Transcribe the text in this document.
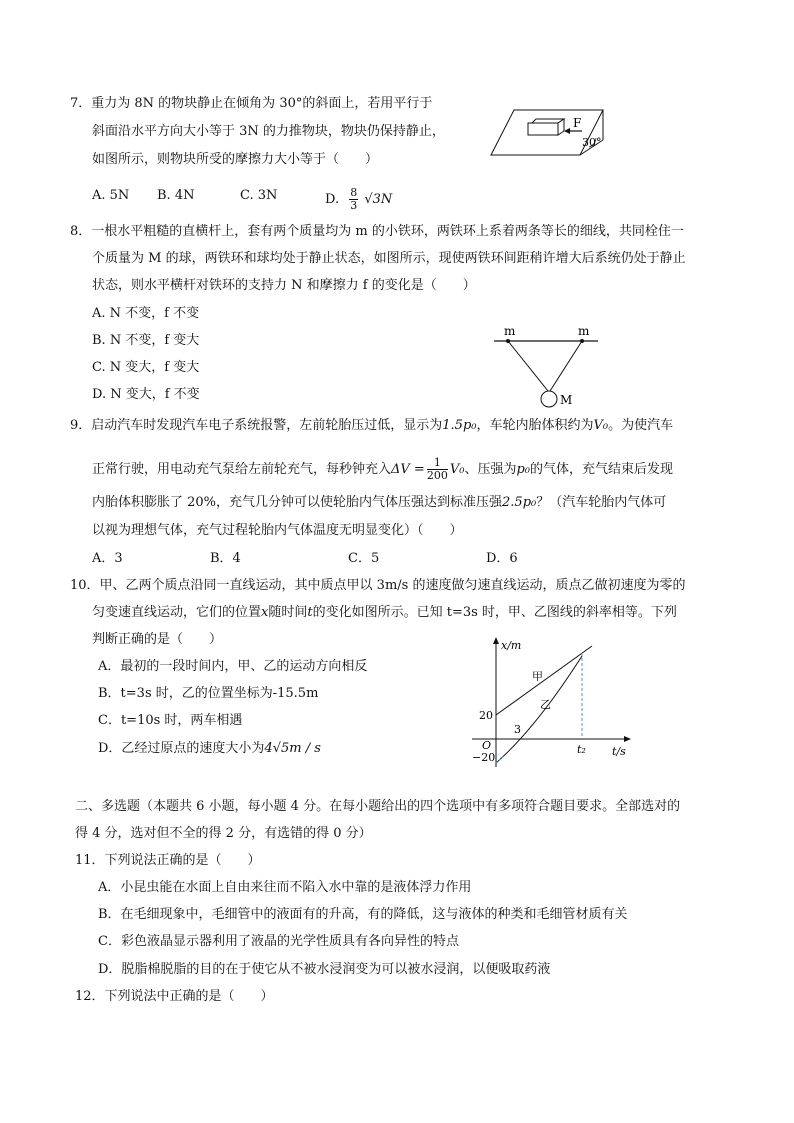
7．重力为 8N 的物块静止在倾角为 30°的斜面上，若用平行于
斜面沿水平方向大小等于 3N 的力推物块，物块仍保持静止，
如图所示，则物块所受的摩擦力大小等于（　　）
A. 5N B. 4N	C. 3N	D. $\frac{8}{3} √3N$
F
30°
8．一根水平粗糙的直横杆上，套有两个质量均为 m 的小铁环，两铁环上系着两条等长的细线，共同栓住一
个质量为 M 的球，两铁环和球均处于静止状态，如图所示，现使两铁环间距稍许增大后系统仍处于静止
状态，则水平横杆对铁环的支持力 N 和摩擦力 f 的变化是（　　）
A. N 不变，f 不变
B. N 不变，f 变大
C. N 变大，f 变大
D. N 变大，f 不变
m	m
M
9．启动汽车时发现汽车电子系统报警，左前轮胎压过低，显示为1.5p₀，车轮内胎体积约为V₀。为使汽车
正常行驶，用电动充气泵给左前轮充气，每秒钟充入$\Delta V = \frac{1}{200} V_0$、压强为p₀的气体，充气结束后发现
内胎体积膨胀了 20%，充气几分钟可以使轮胎内气体压强达到标准压强2.5p₀？（汽车轮胎内气体可
以视为理想气体，充气过程轮胎内气体温度无明显变化）（　　）
A．3	B．4	C．5	D．6
10．甲、乙两个质点沿同一直线运动，其中质点甲以 3m/s 的速度做匀速直线运动，质点乙做初速度为零的
匀变速直线运动，它们的位置x随时间t的变化如图所示。已知 t=3s 时，甲、乙图线的斜率相等。下列
判断正确的是（　　）
A．最初的一段时间内，甲、乙的运动方向相反
B．t=3s 时，乙的位置坐标为-15.5m
C．t=10s 时，两车相遇
D．乙经过原点的速度大小为4√5m / s
x/m
t/s
O
20
−20
3
t₂
甲
乙
二、多选题（本题共 6 小题，每小题 4 分。在每小题给出的四个选项中有多项符合题目要求。全部选对的
得 4 分，选对但不全的得 2 分，有选错的得 0 分）
11．下列说法正确的是（　　）
A．小昆虫能在水面上自由来往而不陷入水中靠的是液体浮力作用
B．在毛细现象中，毛细管中的液面有的升高，有的降低，这与液体的种类和毛细管材质有关
C．彩色液晶显示器利用了液晶的光学性质具有各向异性的特点
D．脱脂棉脱脂的目的在于使它从不被水浸润变为可以被水浸润，以便吸取药液
12．下列说法中正确的是（　　）
